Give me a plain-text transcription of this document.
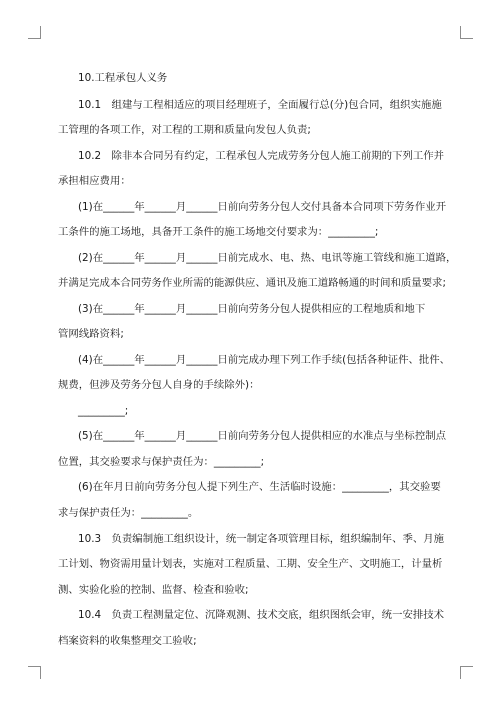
10.工程承包人义务
10.1　组建与工程相适应的项目经理班子，全面履行总(分)包合同，组织实施施
工管理的各项工作，对工程的工期和质量向发包人负责;
10.2　除非本合同另有约定，工程承包人完成劳务分包人施工前期的下列工作并
承担相应费用：
(1)在______年______月______日前向劳务分包人交付具备本合同项下劳务作业开
工条件的施工场地，具备开工条件的施工场地交付要求为：_________;
(2)在______年______月______日前完成水、电、热、电讯等施工管线和施工道路，
并满足完成本合同劳务作业所需的能源供应、通讯及施工道路畅通的时间和质量要求;
(3)在______年______月______日前向劳务分包人提供相应的工程地质和地下
管网线路资料;
(4)在______年______月______日前完成办理下列工作手续(包括各种证件、批件、
规费，但涉及劳务分包人自身的手续除外)：
_________;
(5)在______年______月______日前向劳务分包人提供相应的水准点与坐标控制点
位置，其交验要求与保护责任为：_________;
(6)在年月日前向劳务分包人提下列生产、生活临时设施：_________，其交验要
求与保护责任为：_________。
10.3　负责编制施工组织设计，统一制定各项管理目标，组织编制年、季、月施
工计划、物资需用量计划表，实施对工程质量、工期、安全生产、文明施工，计量析
测、实验化验的控制、监督、检查和验收;
10.4　负责工程测量定位、沉降观测、技术交底，组织图纸会审，统一安排技术
档案资料的收集整理交工验收;
